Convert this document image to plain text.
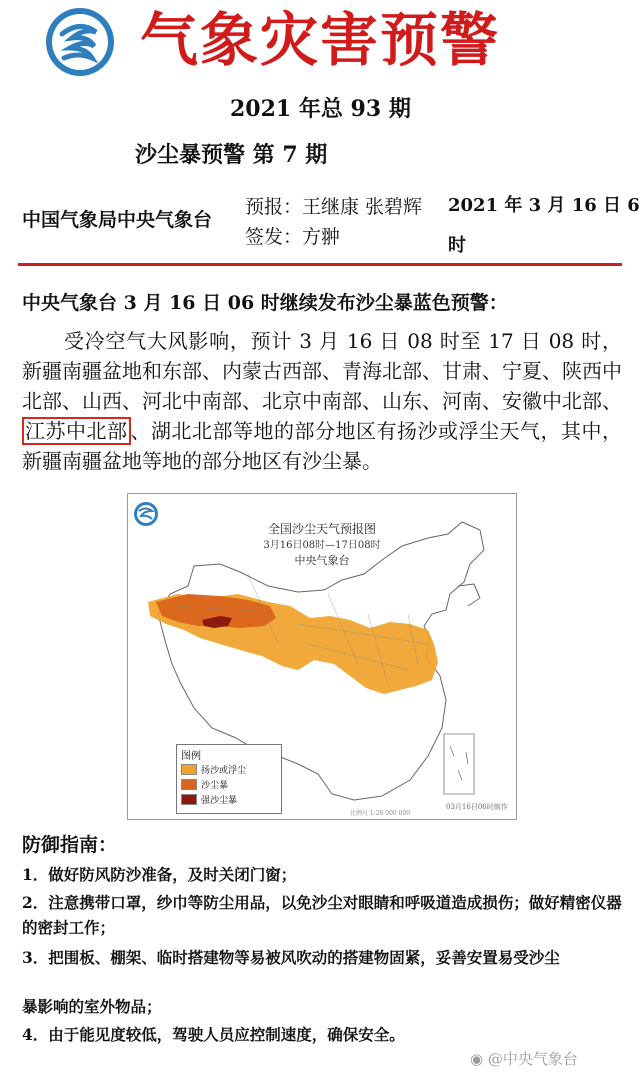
气象灾害预警
2021 年总 93 期
沙尘暴预警 第 7 期
中国气象局中央气象台
预报：王继康 张碧辉
签发：方翀
2021 年 3 月 16 日 6 时
中央气象台 3 月 16 日 06 时继续发布沙尘暴蓝色预警：
受冷空气大风影响，预计 3 月 16 日 08 时至 17 日 08 时，新疆南疆盆地和东部、内蒙古西部、青海北部、甘肃、宁夏、陕西中北部、山西、河北中南部、北京中南部、山东、河南、安徽中北部、江苏中北部 、湖北北部等地的部分地区有扬沙或浮尘天气，其中，新疆南疆盆地等地的部分地区有沙尘暴。
全国沙尘天气预报图
3月16日08时—17日08时
中央气象台
图例
扬沙或浮尘
沙尘暴
强沙尘暴
03月16日06时制作
比例尺 1:26 000 000
防御指南：
1．做好防风防沙准备，及时关闭门窗；
2．注意携带口罩，纱巾等防尘用品，以免沙尘对眼睛和呼吸道造成损伤；做好精密仪器的密封工作；
3．把围板、棚架、临时搭建物等易被风吹动的搭建物固紧，妥善安置易受沙尘
暴影响的室外物品；
4．由于能见度较低，驾驶人员应控制速度，确保安全。
◉ @中央气象台
